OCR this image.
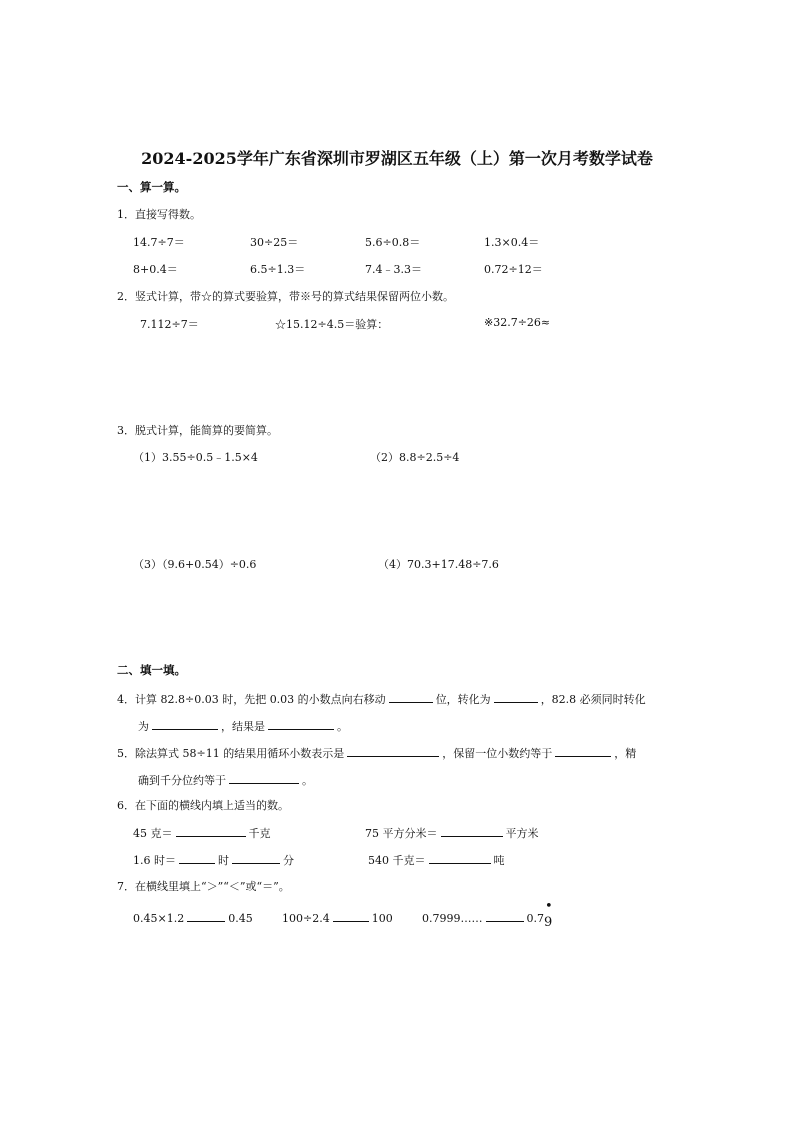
2024-2025学年广东省深圳市罗湖区五年级（上）第一次月考数学试卷
一、算一算。
1．直接写得数。
14.7÷7＝	30÷25＝	5.6÷0.8＝	1.3×0.4＝
8+0.4＝	6.5÷1.3＝	7.4﹣3.3＝	0.72÷12＝
2．竖式计算，带☆的算式要验算，带※号的算式结果保留两位小数。
7.112÷7＝	☆15.12÷4.5＝验算：	※32.7÷26≈
3．脱式计算，能简算的要简算。
（1）3.55÷0.5﹣1.5×4	（2）8.8÷2.5÷4
（3）（9.6+0.54）÷0.6	（4）70.3+17.48÷7.6
二、填一填。
4．计算 82.8÷0.03 时，先把 0.03 的小数点向右移动	位，转化为	，82.8 必须同时转化
为	，结果是	。
5．除法算式 58÷11 的结果用循环小数表示是	，保留一位小数约等于	，精
确到千分位约等于	。
6．在下面的横线内填上适当的数。
45 克＝	千克	75 平方分米＝	平方米
1.6 时＝	时	分	540 千克＝	吨
7．在横线里填上“＞”“＜”或“＝”。
0.45×1.2	0.45	100÷2.4	100	0.7999……	0.7
•
9
